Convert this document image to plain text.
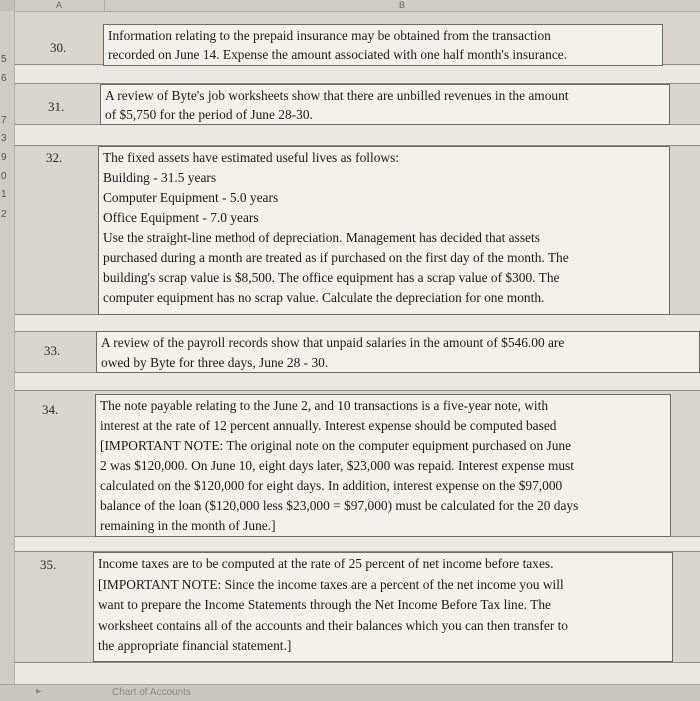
A	B
5
6
7
3
9
0
1
2
30.
Information relating to the prepaid insurance may be obtained from the transaction
recorded on June 14. Expense the amount associated with one half month's insurance.
31.
A review of Byte's job worksheets show that there are unbilled revenues in the amount
of $5,750 for the period of June 28-30.
32.	The fixed assets have estimated useful lives as follows:
Building - 31.5 years
Computer Equipment - 5.0 years
Office Equipment - 7.0 years
Use the straight-line method of depreciation. Management has decided that assets
purchased during a month are treated as if purchased on the first day of the month. The
building's scrap value is $8,500. The office equipment has a scrap value of $300. The
computer equipment has no scrap value. Calculate the depreciation for one month.
33.
A review of the payroll records show that unpaid salaries in the amount of $546.00 are
owed by Byte for three days, June 28 - 30.
34.	The note payable relating to the June 2, and 10 transactions is a five-year note, with
interest at the rate of 12 percent annually. Interest expense should be computed based
[IMPORTANT NOTE: The original note on the computer equipment purchased on June
2 was $120,000. On June 10, eight days later, $23,000 was repaid. Interest expense must
calculated on the $120,000 for eight days. In addition, interest expense on the $97,000
balance of the loan ($120,000 less $23,000 = $97,000) must be calculated for the 20 days
remaining in the month of June.]
35.	Income taxes are to be computed at the rate of 25 percent of net income before taxes.
[IMPORTANT NOTE: Since the income taxes are a percent of the net income you will
want to prepare the Income Statements through the Net Income Before Tax line. The
worksheet contains all of the accounts and their balances which you can then transfer to
the appropriate financial statement.]
▸	Chart of Accounts
